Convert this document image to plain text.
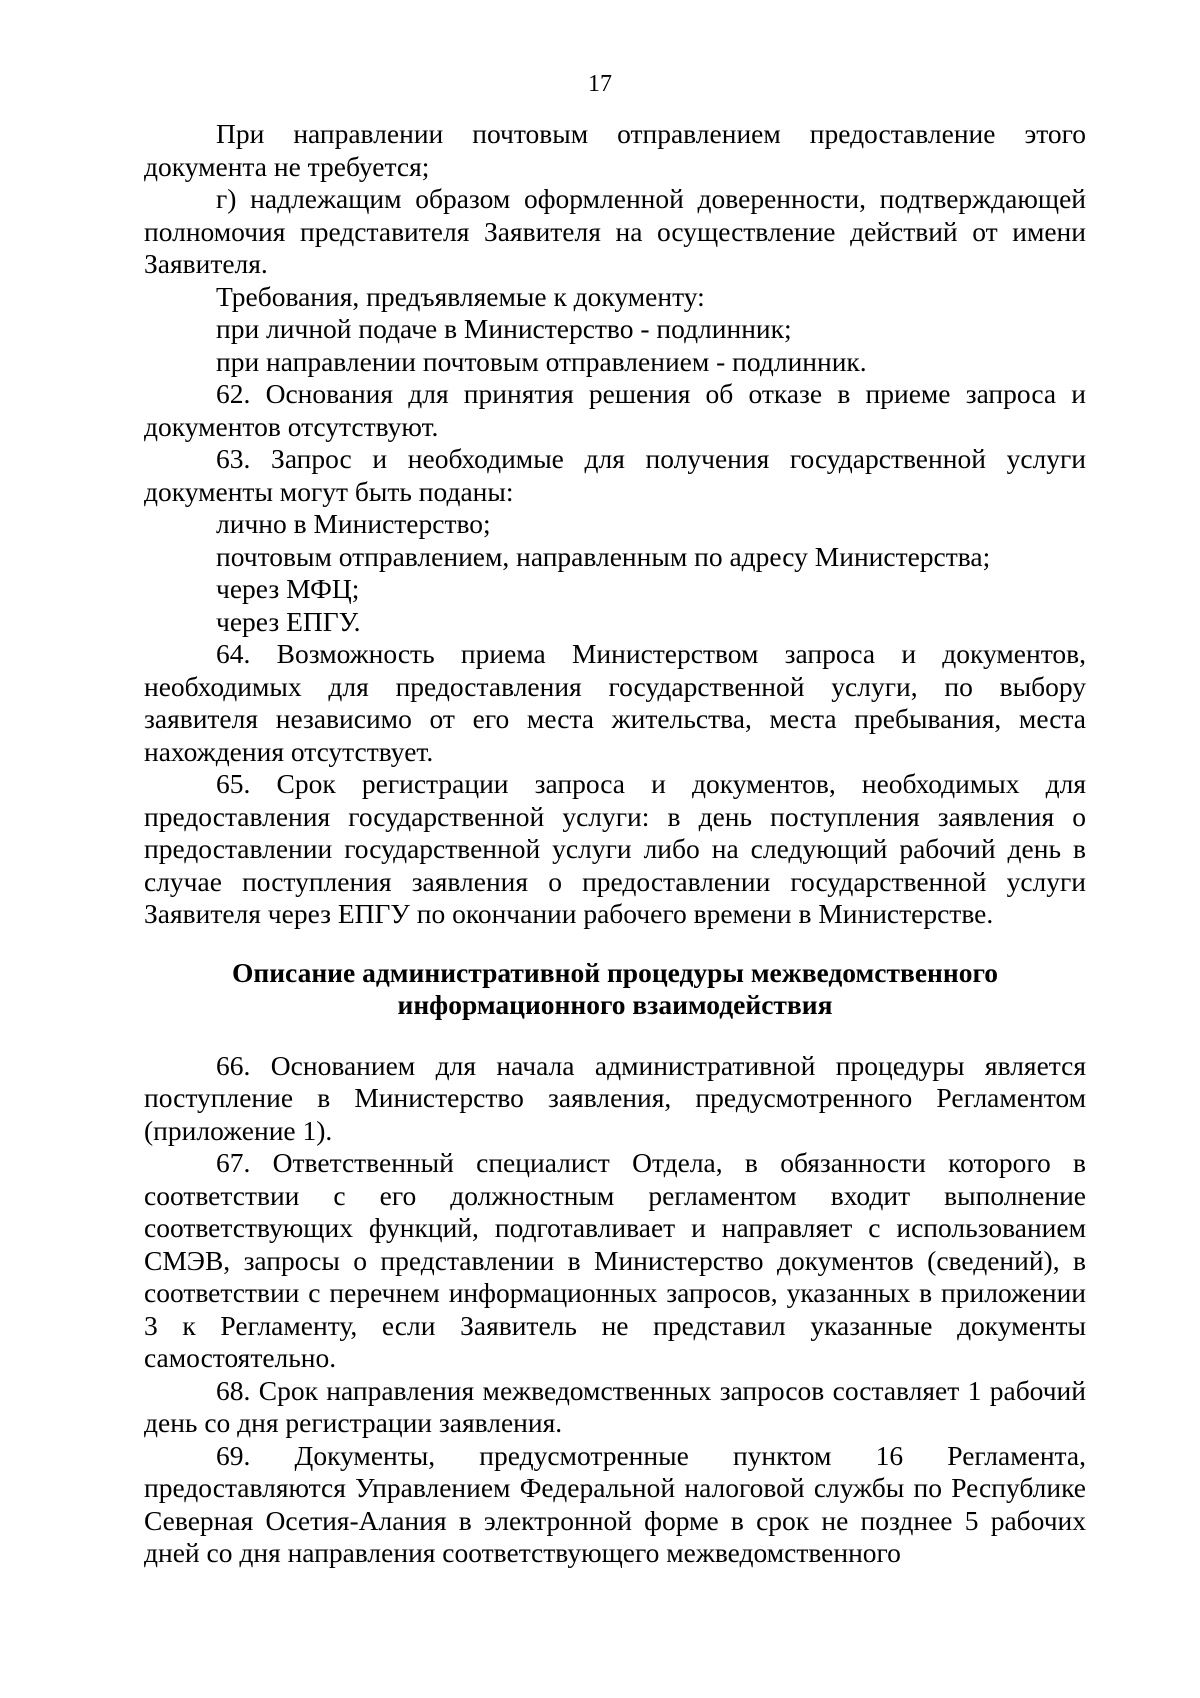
17

При направлении почтовым отправлением предоставление этого документа не требуется;

г) надлежащим образом оформленной доверенности, подтверждающей полномочия представителя Заявителя на осуществление действий от имени Заявителя.

Требования, предъявляемые к документу:

при личной подаче в Министерство - подлинник;

при направлении почтовым отправлением - подлинник.

62. Основания для принятия решения об отказе в приеме запроса и документов отсутствуют.

63. Запрос и необходимые для получения государственной услуги документы могут быть поданы:

лично в Министерство;

почтовым отправлением, направленным по адресу Министерства;

через МФЦ;

через ЕПГУ.

64. Возможность приема Министерством запроса и документов, необходимых для предоставления государственной услуги, по выбору заявителя независимо от его места жительства, места пребывания, места нахождения отсутствует.

65. Срок регистрации запроса и документов, необходимых для предоставления государственной услуги: в день поступления заявления о предоставлении государственной услуги либо на следующий рабочий день в случае поступления заявления о предоставлении государственной услуги Заявителя через ЕПГУ по окончании рабочего времени в Министерстве.

Описание административной процедуры межведомственного
информационного взаимодействия

66. Основанием для начала административной процедуры является поступление в Министерство заявления, предусмотренного Регламентом (приложение 1).

67. Ответственный специалист Отдела, в обязанности которого в соответствии с его должностным регламентом входит выполнение соответствующих функций, подготавливает и направляет с использованием СМЭВ, запросы о представлении в Министерство документов (сведений), в соответствии с перечнем информационных запросов, указанных в приложении 3 к Регламенту, если Заявитель не представил указанные документы самостоятельно.

68. Срок направления межведомственных запросов составляет 1 рабочий день со дня регистрации заявления.

69. Документы, предусмотренные пунктом 16 Регламента, предоставляются Управлением Федеральной налоговой службы по Республике Северная Осетия-Алания в электронной форме в срок не позднее 5 рабочих дней со дня направления соответствующего межведомственного
